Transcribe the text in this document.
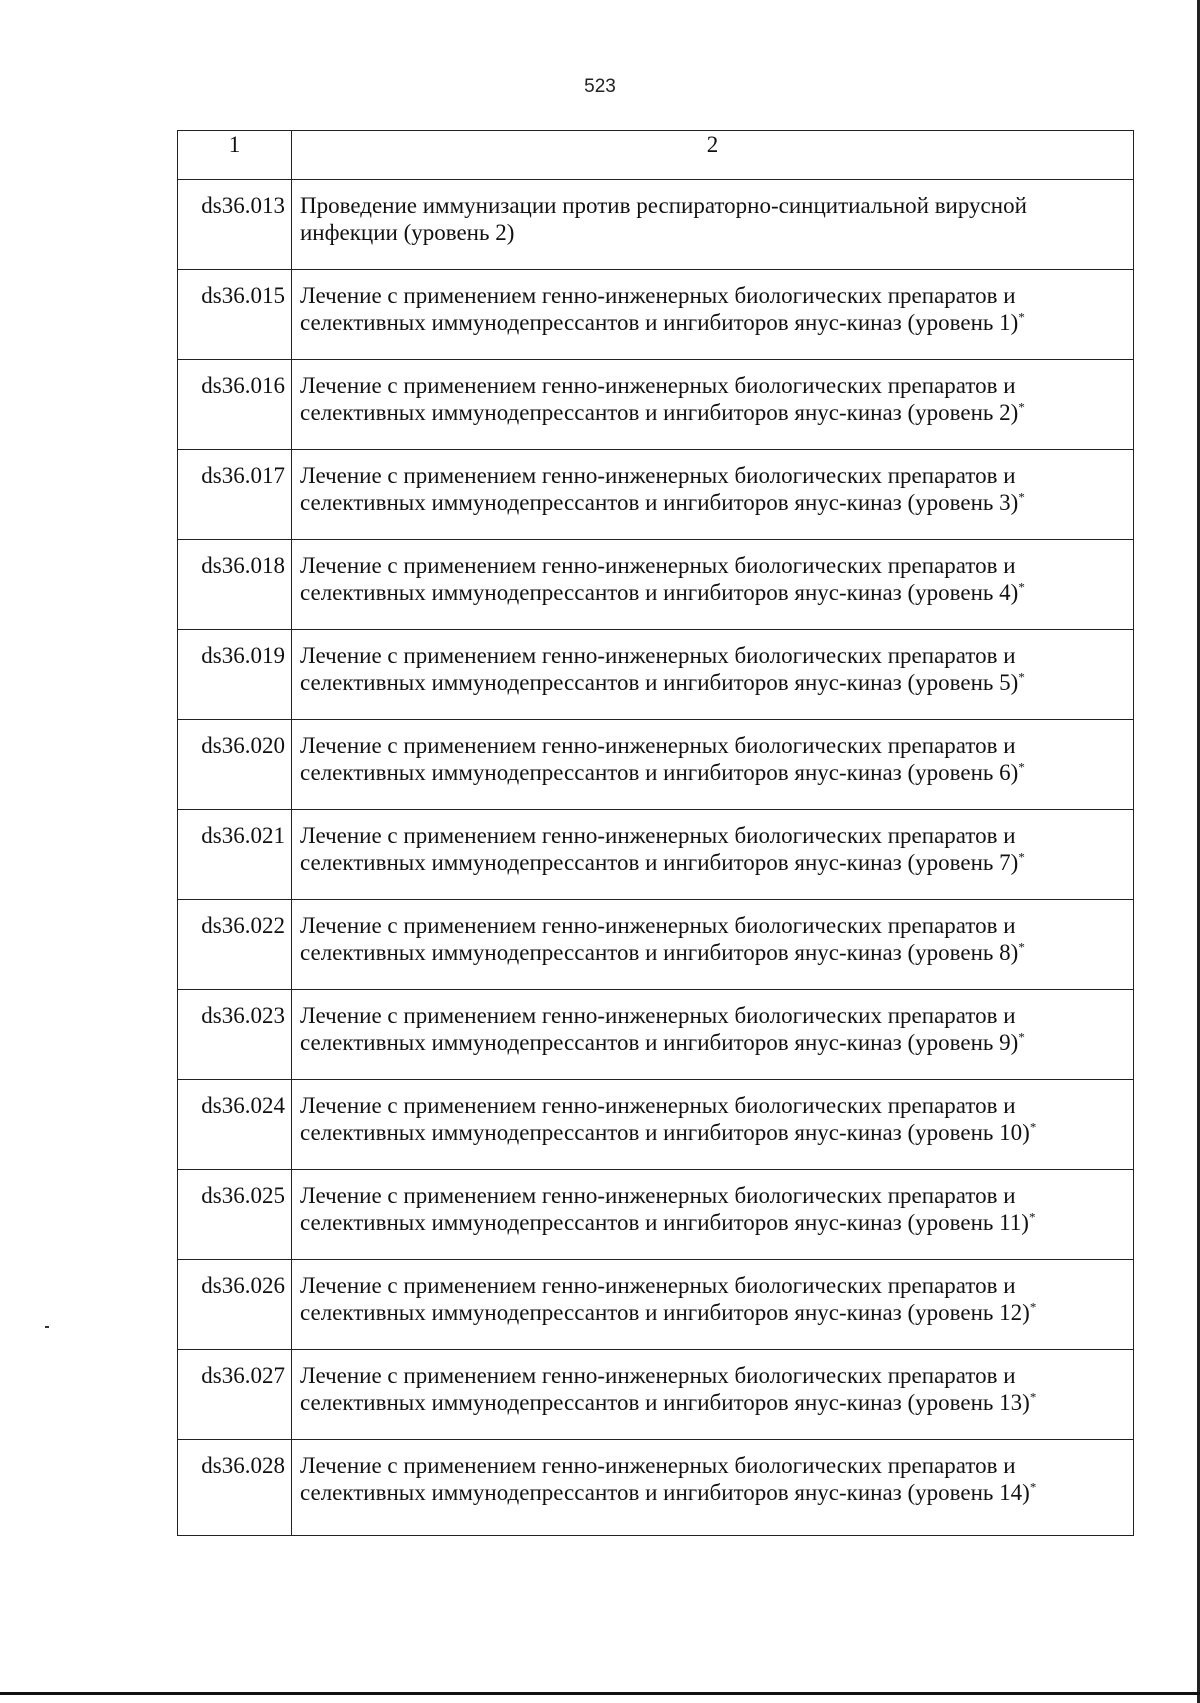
523
1	2
ds36.013	Проведение иммунизации против респираторно-синцитиальной вирусной инфекции (уровень 2)
ds36.015	Лечение с применением генно-инженерных биологических препаратов и селективных иммунодепрессантов и ингибиторов янус-киназ (уровень 1)*
ds36.016	Лечение с применением генно-инженерных биологических препаратов и селективных иммунодепрессантов и ингибиторов янус-киназ (уровень 2)*
ds36.017	Лечение с применением генно-инженерных биологических препаратов и селективных иммунодепрессантов и ингибиторов янус-киназ (уровень 3)*
ds36.018	Лечение с применением генно-инженерных биологических препаратов и селективных иммунодепрессантов и ингибиторов янус-киназ (уровень 4)*
ds36.019	Лечение с применением генно-инженерных биологических препаратов и селективных иммунодепрессантов и ингибиторов янус-киназ (уровень 5)*
ds36.020	Лечение с применением генно-инженерных биологических препаратов и селективных иммунодепрессантов и ингибиторов янус-киназ (уровень 6)*
ds36.021	Лечение с применением генно-инженерных биологических препаратов и селективных иммунодепрессантов и ингибиторов янус-киназ (уровень 7)*
ds36.022	Лечение с применением генно-инженерных биологических препаратов и селективных иммунодепрессантов и ингибиторов янус-киназ (уровень 8)*
ds36.023	Лечение с применением генно-инженерных биологических препаратов и селективных иммунодепрессантов и ингибиторов янус-киназ (уровень 9)*
ds36.024	Лечение с применением генно-инженерных биологических препаратов и селективных иммунодепрессантов и ингибиторов янус-киназ (уровень 10)*
ds36.025	Лечение с применением генно-инженерных биологических препаратов и селективных иммунодепрессантов и ингибиторов янус-киназ (уровень 11)*
ds36.026	Лечение с применением генно-инженерных биологических препаратов и селективных иммунодепрессантов и ингибиторов янус-киназ (уровень 12)*
ds36.027	Лечение с применением генно-инженерных биологических препаратов и селективных иммунодепрессантов и ингибиторов янус-киназ (уровень 13)*
ds36.028	Лечение с применением генно-инженерных биологических препаратов и селективных иммунодепрессантов и ингибиторов янус-киназ (уровень 14)*
